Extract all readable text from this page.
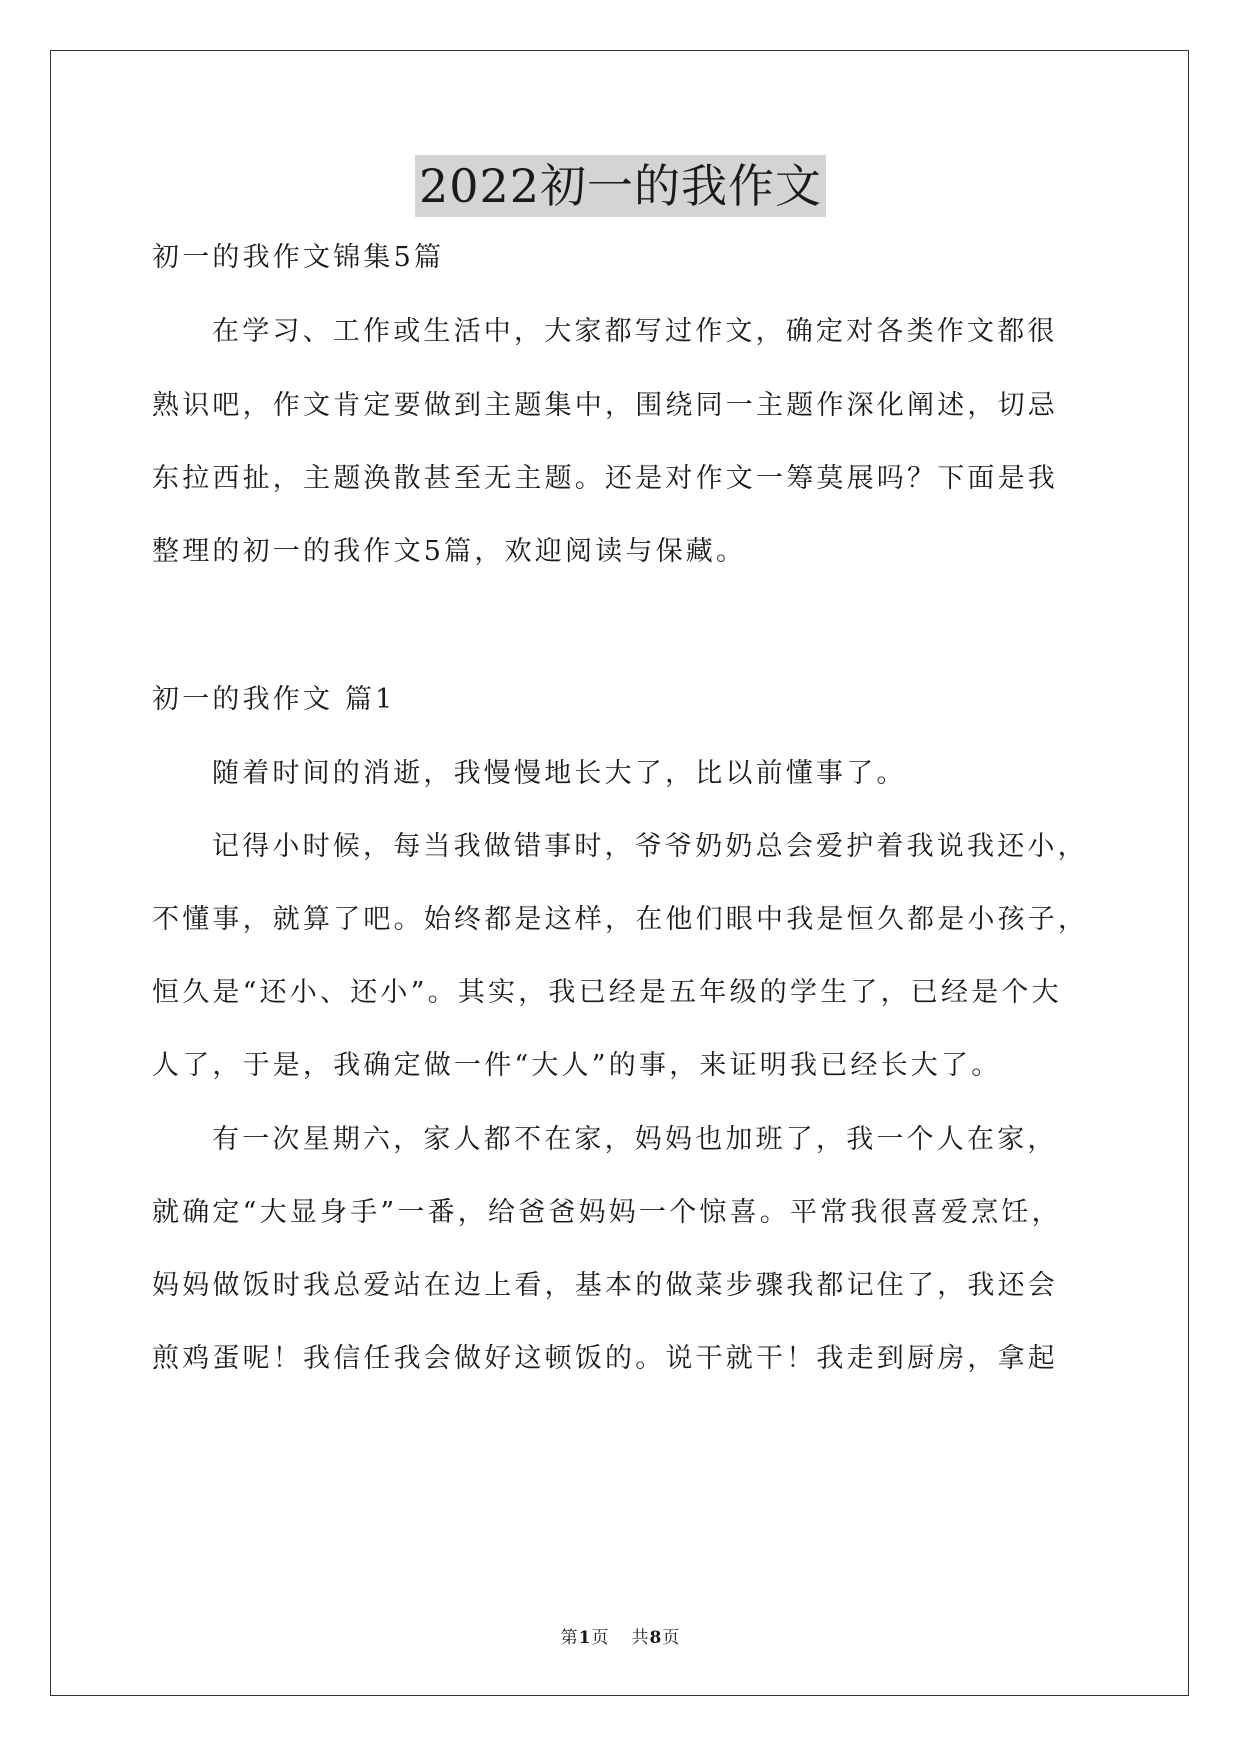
2022初一的我作文
初一的我作文锦集5篇
在学习、工作或生活中，大家都写过作文，确定对各类作文都很
熟识吧，作文肯定要做到主题集中，围绕同一主题作深化阐述，切忌
东拉西扯，主题涣散甚至无主题。还是对作文一筹莫展吗？下面是我
整理的初一的我作文5篇，欢迎阅读与保藏。
初一的我作文 篇1
随着时间的消逝，我慢慢地长大了，比以前懂事了。
记得小时候，每当我做错事时，爷爷奶奶总会爱护着我说我还小，
不懂事，就算了吧。始终都是这样，在他们眼中我是恒久都是小孩子，
恒久是“还小、还小”。其实，我已经是五年级的学生了，已经是个大
人了，于是，我确定做一件“大人”的事，来证明我已经长大了。
有一次星期六，家人都不在家，妈妈也加班了，我一个人在家，
就确定“大显身手”一番，给爸爸妈妈一个惊喜。平常我很喜爱烹饪，
妈妈做饭时我总爱站在边上看，基本的做菜步骤我都记住了，我还会
煎鸡蛋呢！我信任我会做好这顿饭的。说干就干！我走到厨房，拿起
第1页 共8页
